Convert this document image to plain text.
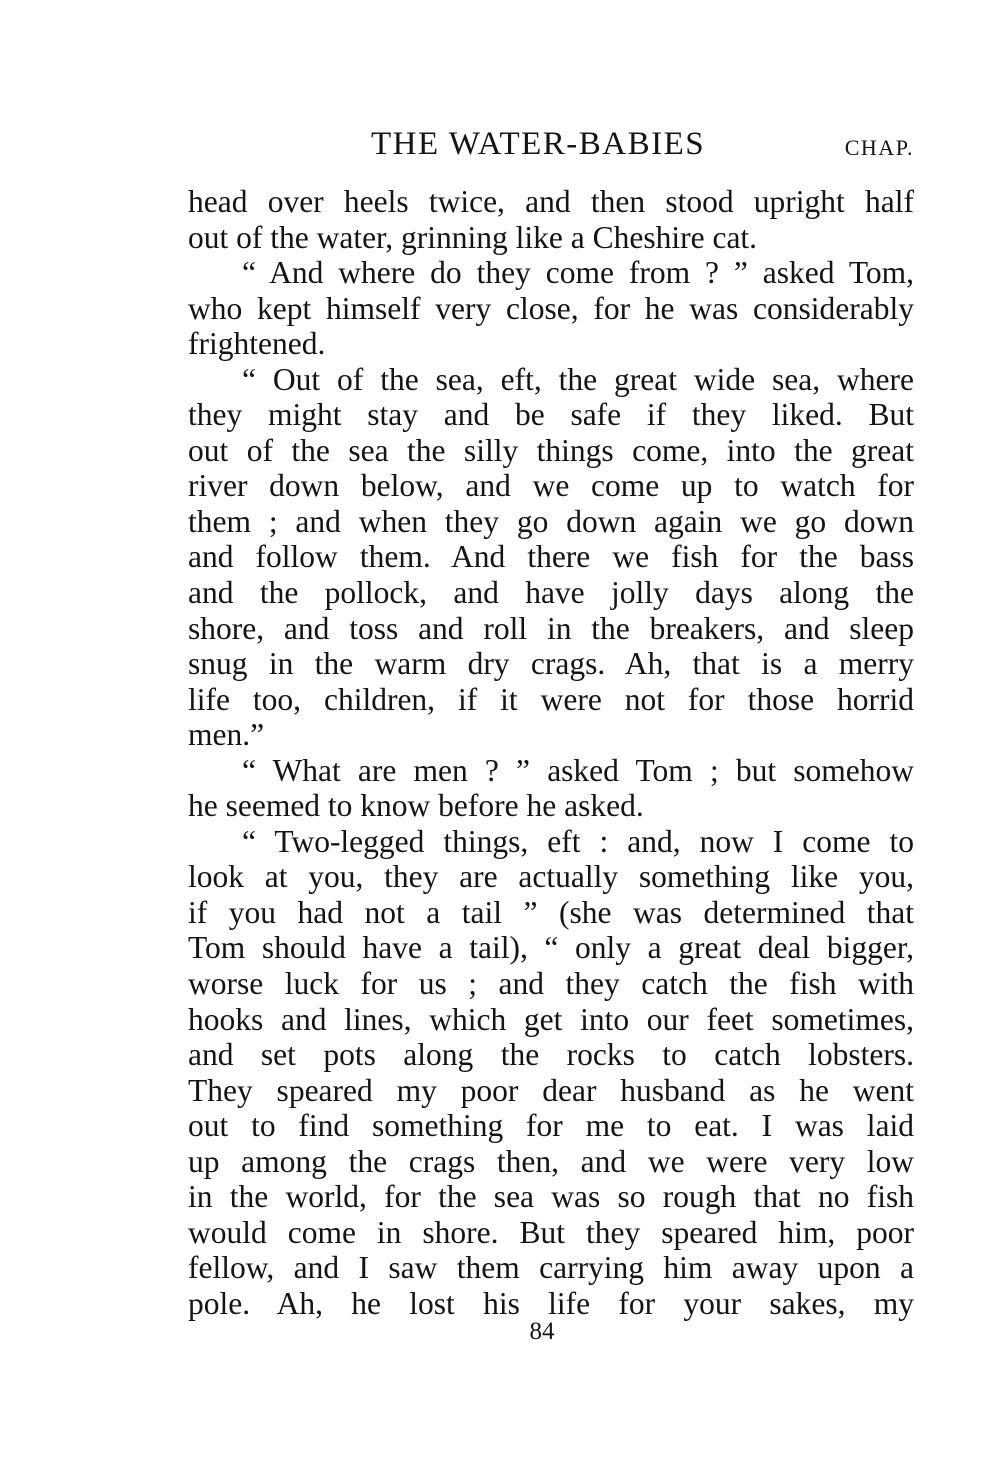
THE WATER-BABIES	CHAP.
head over heels twice, and then stood upright half
out of the water, grinning like a Cheshire cat.
“ And where do they come from ? ” asked Tom,
who kept himself very close, for he was considerably
frightened.
“ Out of the sea, eft, the great wide sea, where
they might stay and be safe if they liked. But
out of the sea the silly things come, into the great
river down below, and we come up to watch for
them ; and when they go down again we go down
and follow them. And there we fish for the bass
and the pollock, and have jolly days along the
shore, and toss and roll in the breakers, and sleep
snug in the warm dry crags. Ah, that is a merry
life too, children, if it were not for those horrid
men.”
“ What are men ? ” asked Tom ; but somehow
he seemed to know before he asked.
“ Two-legged things, eft : and, now I come to
look at you, they are actually something like you,
if you had not a tail ” (she was determined that
Tom should have a tail), “ only a great deal bigger,
worse luck for us ; and they catch the fish with
hooks and lines, which get into our feet sometimes,
and set pots along the rocks to catch lobsters.
They speared my poor dear husband as he went
out to find something for me to eat. I was laid
up among the crags then, and we were very low
in the world, for the sea was so rough that no fish
would come in shore. But they speared him, poor
fellow, and I saw them carrying him away upon a
pole. Ah, he lost his life for your sakes, my
84
